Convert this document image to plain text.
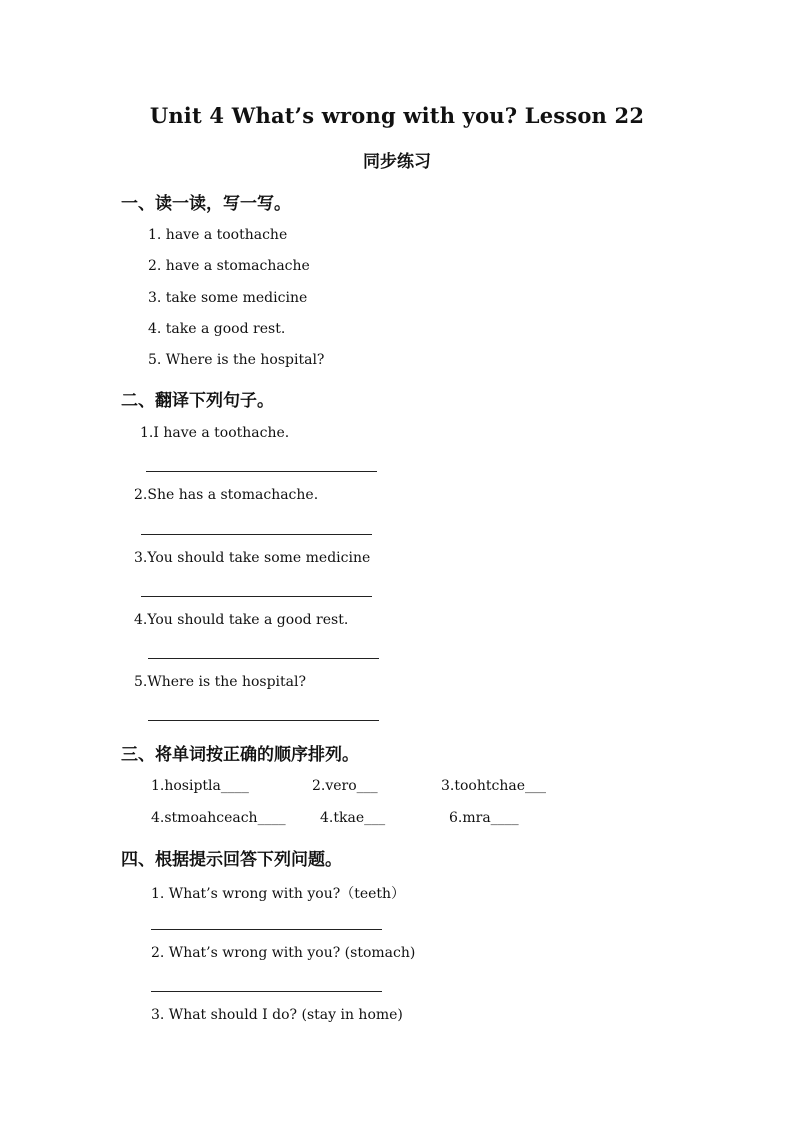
Unit 4 What’s wrong with you? Lesson 22
同步练习
一、读一读，写一写。
1. have a toothache
2. have a stomachache
3. take some medicine
4. take a good rest.
5. Where is the hospital?
二、翻译下列句子。
1.I have a toothache.
2.She has a stomachache.
3.You should take some medicine
4.You should take a good rest.
5.Where is the hospital?
三、将单词按正确的顺序排列。
1.hosiptla____	2.vero___	3.toohtchae___
4.stmoahceach____ 4.tkae___	6.mra____
四、根据提示回答下列问题。
1. What’s wrong with you?（teeth）
2. What’s wrong with you? (stomach)
3. What should I do? (stay in home)
